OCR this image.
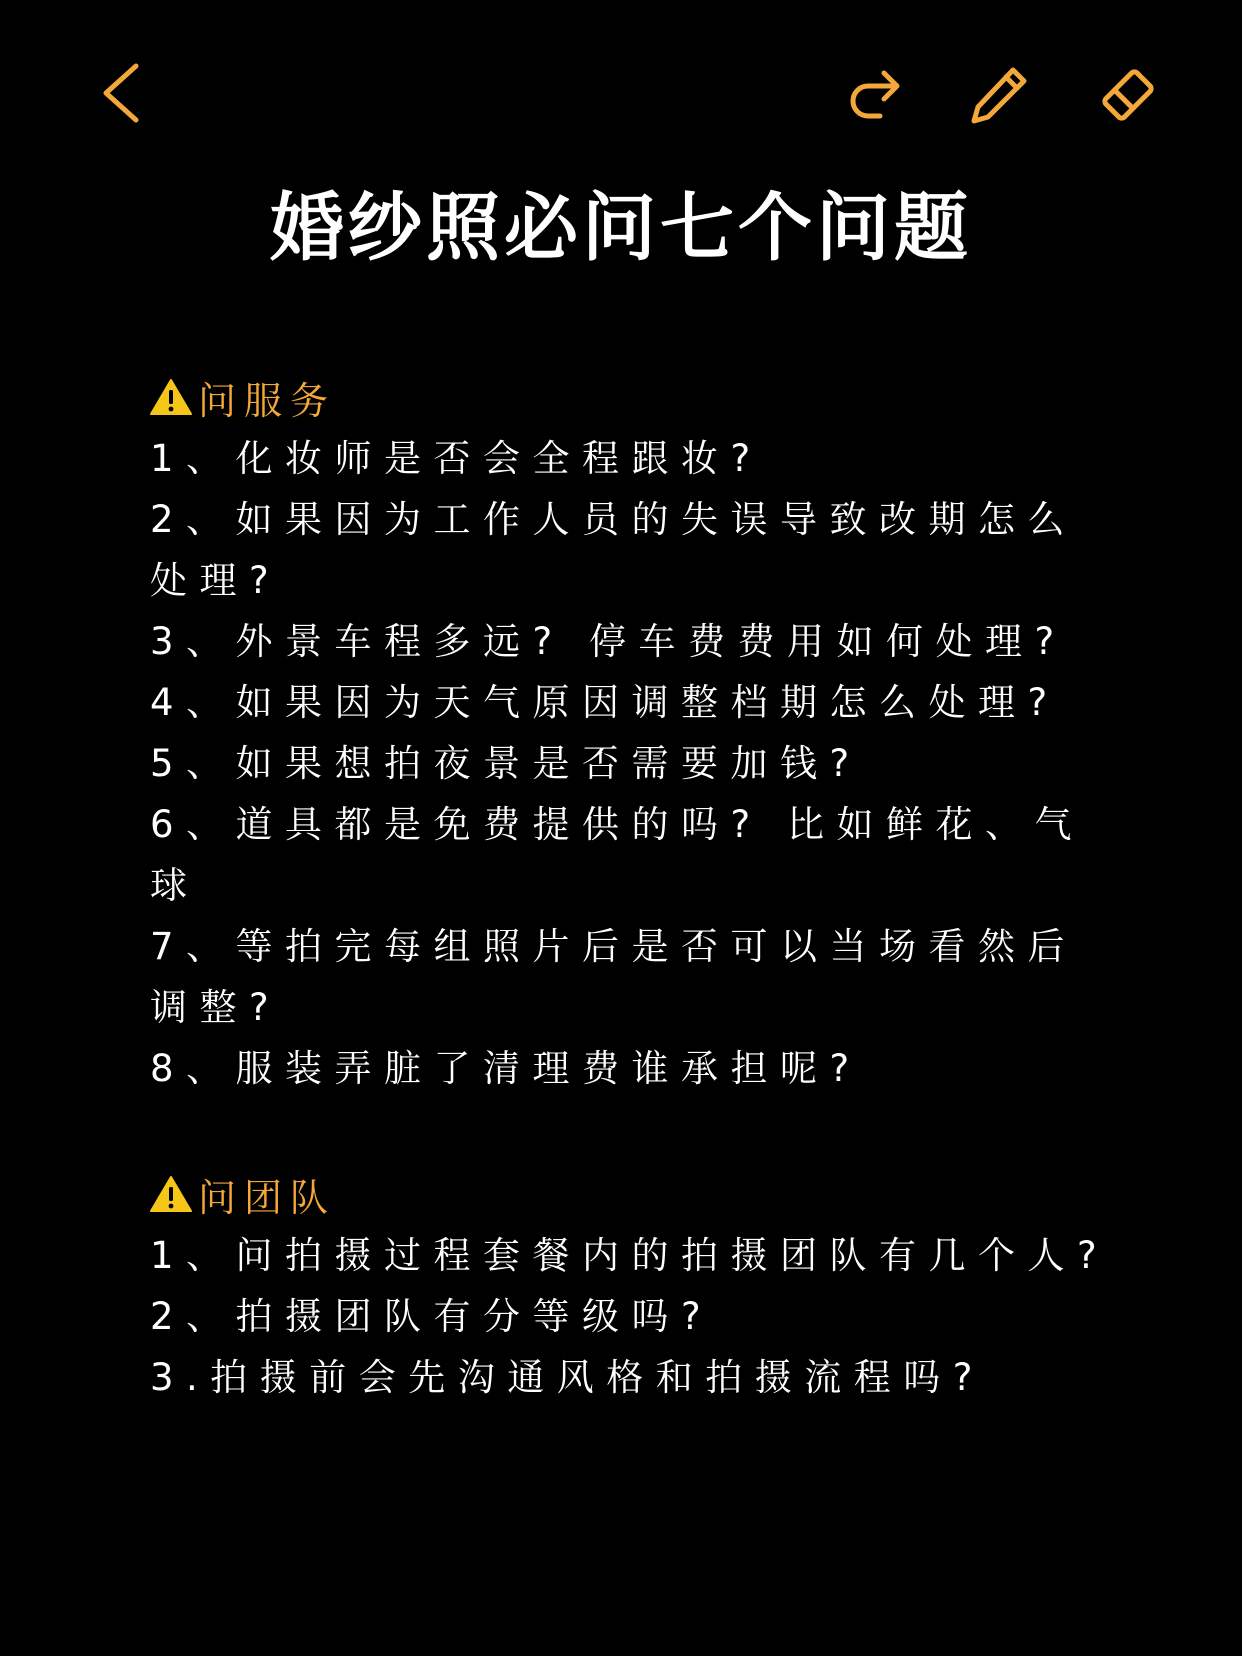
婚纱照必问七个问题
问服务
1、化妆师是否会全程跟妆?
2、如果因为工作人员的失误导致改期怎么处理?
3、外景车程多远? 停车费费用如何处理?
4、如果因为天气原因调整档期怎么处理?
5、如果想拍夜景是否需要加钱?
6、道具都是免费提供的吗? 比如鲜花、气球
7、等拍完每组照片后是否可以当场看然后调整?
8、服装弄脏了清理费谁承担呢?
问团队
1、问拍摄过程套餐内的拍摄团队有几个人?
2、拍摄团队有分等级吗?
3.拍摄前会先沟通风格和拍摄流程吗?
